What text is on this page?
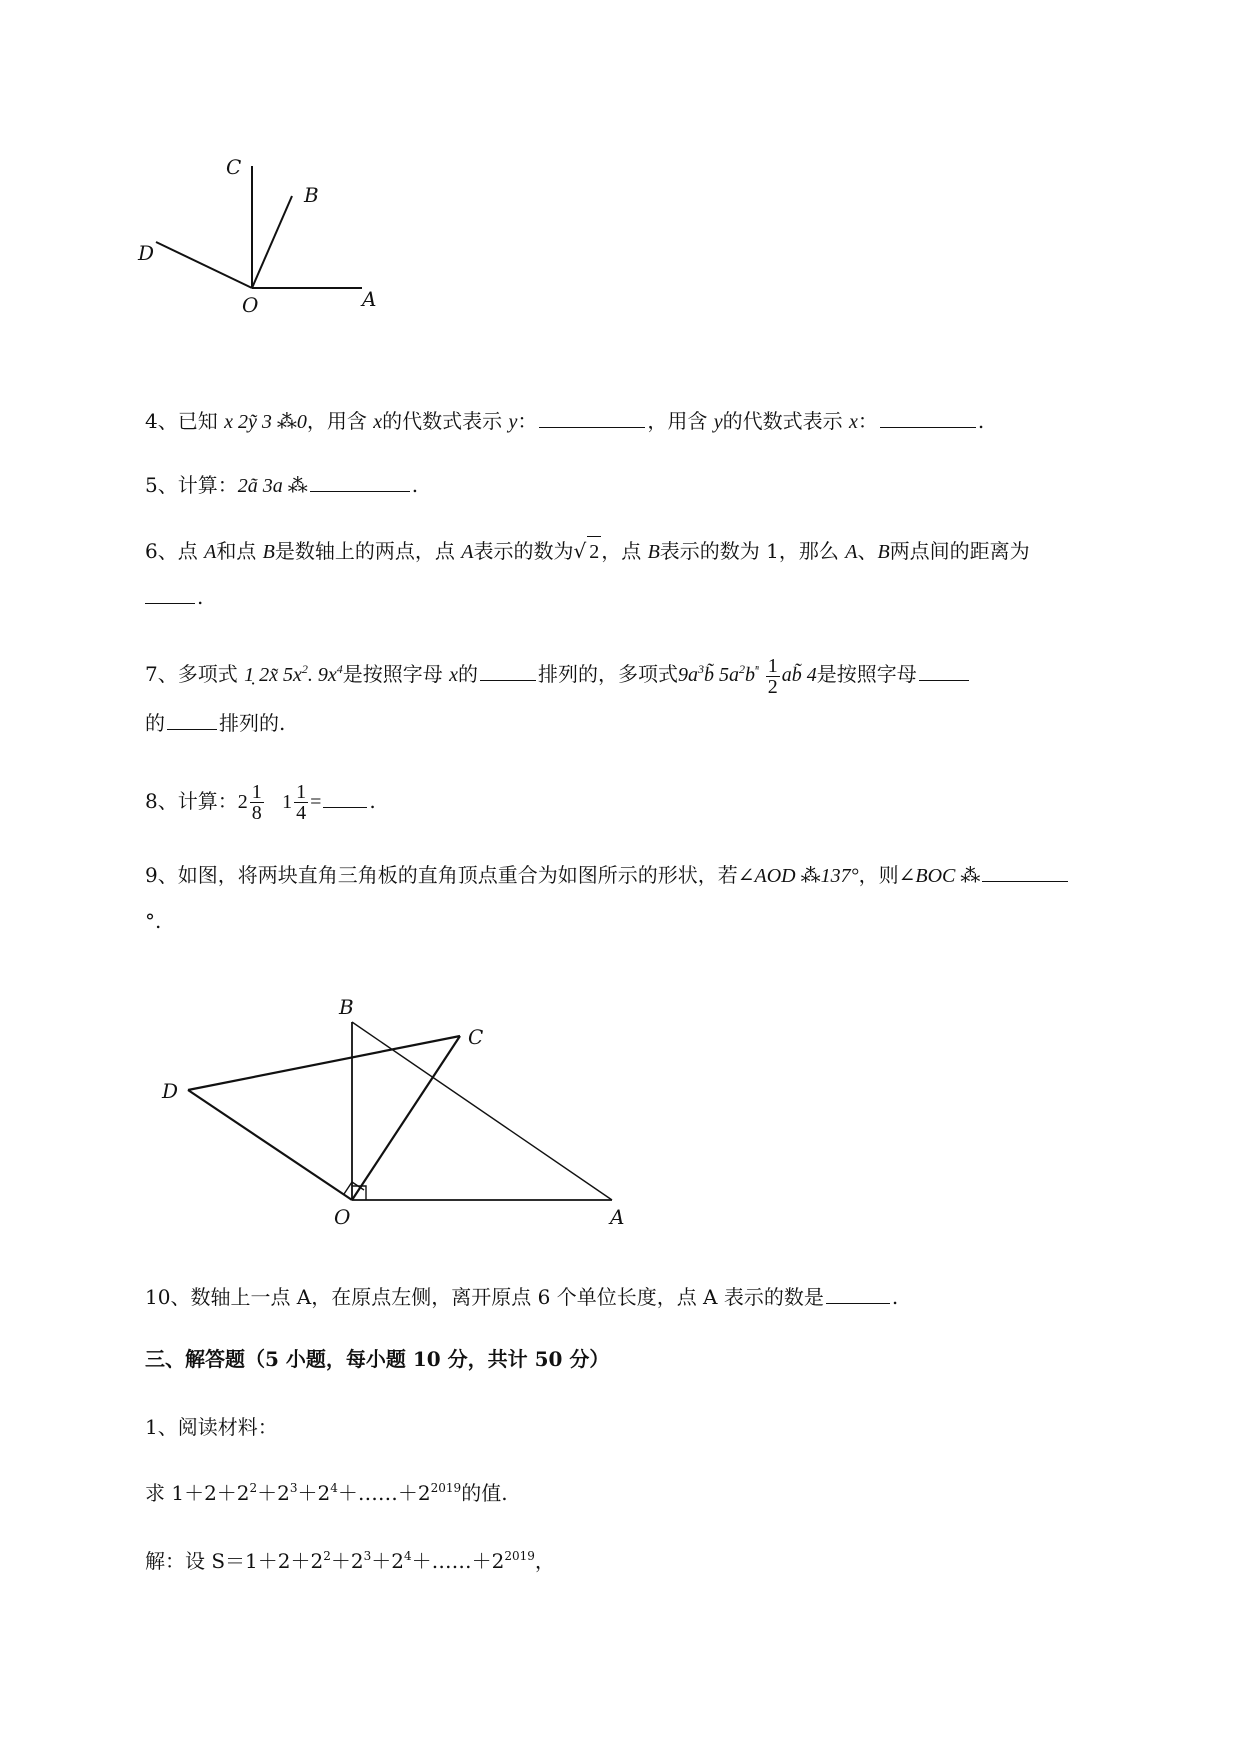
C
B
D
O	A
4、已知 x 2ỹ 3 ⁂0，用含 x的代数式表示 y：	，用含 y的代数式表示 x：	.
5、计算：2ã 3a ⁂	.
6、点 A和点 B是数轴上的两点，点 A表示的数为√ 2 ，点 B表示的数为 1，那么 A、B两点间的距离为
.
7、多项式 1̣ 2x̃ $5x^2$. $9x^4$是按照字母 x的	排列的，多项式$9a^3b̃$ $5a^2b^{^n} \frac{1}{2}$ ab̃ 4是按照字母
的	排列的.
8、计算：$2 \frac{1}{8} 1 \frac{1}{4}$ = .
9、如图，将两块直角三角板的直角顶点重合为如图所示的形状，若∠AOD ⁂137°，则∠BOC ⁂
°.
B
C
D
O	A
10、数轴上一点 A，在原点左侧，离开原点 6 个单位长度，点 A 表示的数是	.
三、解答题（5 小题，每小题 10 分，共计 50 分）
1、阅读材料：
求 $1+2+2^2+2^3+2^4+\dots\dots+2^{2019}$的值.
解：设 $S=1+2+2^2+2^3+2^4+\dots\dots+2^{2019}$，
